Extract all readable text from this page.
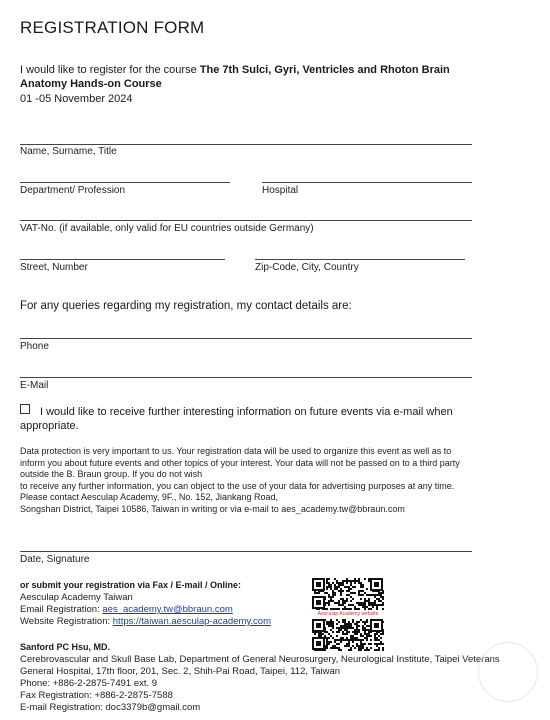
REGISTRATION FORM
I would like to register for the course The 7th Sulci, Gyri, Ventricles and Rhoton Brain Anatomy Hands-on Course
01 -05 November 2024
Name, Surname, Title
Department/ Profession	Hospital
VAT-No. (if available, only valid for EU countries outside Germany)
Street, Number	Zip-Code, City, Country
For any queries regarding my registration, my contact details are:
Phone
E-Mail
I would like to receive further interesting information on future events via e-mail when
appropriate.
Data protection is very important to us. Your registration data will be used to organize this event as well as to
inform you about future events and other topics of your interest. Your data will not be passed on to a third party
outside the B. Braun group. If you do not wish
to receive any further information, you can object to the use of your data for advertising purposes at any time.
Please contact Aesculap Academy, 9F., No. 152, Jiankang Road,
Songshan District, Taipei 10586, Taiwan in writing or via e-mail to aes_academy.tw@bbraun.com
Date, Signature
or submit your registration via Fax / E-mail / Online:
Aesculap Academy Taiwan
Email Registration: aes_academy.tw@bbraun.com
Website Registration: https://taiwan.aesculap-academy.com
Aesculap Academy website
Sanford PC Hsu, MD.
Cerebrovascular and Skull Base Lab, Department of General Neurosurgery, Neurological Institute, Taipei Veterans
General Hospital, 17th floor, 201, Sec. 2, Shih-Pai Road, Taipei, 112, Taiwan
Phone: +886-2-2875-7491 ext. 9
Fax Registration: +886-2-2875-7588
E-mail Registration: doc3379b@gmail.com
